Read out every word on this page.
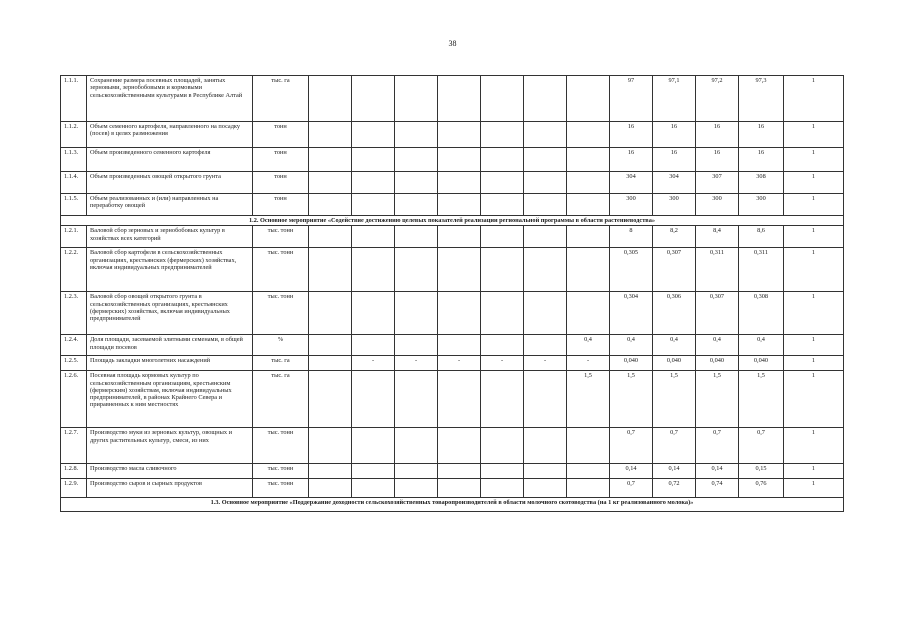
38
1.1.1.	Сохранение размера посевных площадей, занятых зерновыми, зернобобовыми и кормовыми сельскохозяйственными культурами в Республике Алтай	тыс. га								97	97,1	97,2	97,3	1
1.1.2.	Объем семенного картофеля, направленного на посадку (посев) в целях размножения	тонн								16	16	16	16	1
1.1.3.	Объем произведенного семенного картофеля	тонн								16	16	16	16	1
1.1.4.	Объем произведенных овощей открытого грунта	тонн								304	304	307	308	1
1.1.5.	Объем реализованных и (или) направленных на переработку овощей	тонн								300	300	300	300	1
1.2. Основное мероприятие «Содействие достижению целевых показателей реализации региональной программы в области растениеводства»														
1.2.1.	Валовой сбор зерновых и зернобобовых культур в хозяйствах всех категорий	тыс. тонн								8	8,2	8,4	8,6	1
1.2.2.	Валовой сбор картофеля в сельскохозяйственных организациях, крестьянских (фермерских) хозяйствах, включая индивидуальных предпринимателей	тыс. тонн								0,305	0,307	0,311	0,311	1
1.2.3.	Валовой сбор овощей открытого грунта в сельскохозяйственных организациях, крестьянских (фермерских) хозяйствах, включая индивидуальных предпринимателей	тыс. тонн								0,304	0,306	0,307	0,308	1
1.2.4.	Доля площади, засеваемой элитными семенами, в общей площади посевов	%							0,4	0,4	0,4	0,4	0,4	1
1.2.5.	Площадь закладки многолетних насаждений	тыс. га		-	-	-	-	-	-	0,040	0,040	0,040	0,040	1
1.2.6.	Посевная площадь кормовых культур по сельскохозяйственным организациям, крестьянским (фермерским) хозяйствам, включая индивидуальных предпринимателей, в районах Крайнего Севера и приравненных к ним местностях	тыс. га							1,5	1,5	1,5	1,5	1,5	1
1.2.7.	Производство муки из зерновых культур, овощных и других растительных культур, смеси, из них	тыс. тонн								0,7	0,7	0,7	0,7	1
1.2.8.	Производство масла сливочного	тыс. тонн								0,14	0,14	0,14	0,15	1
1.2.9.	Производство сыров и сырных продуктов	тыс. тонн								0,7	0,72	0,74	0,76	1
1.3. Основное мероприятие «Поддержание доходности сельскохозяйственных товаропроизводителей в области молочного скотоводства (на 1 кг реализованного молока)»														
